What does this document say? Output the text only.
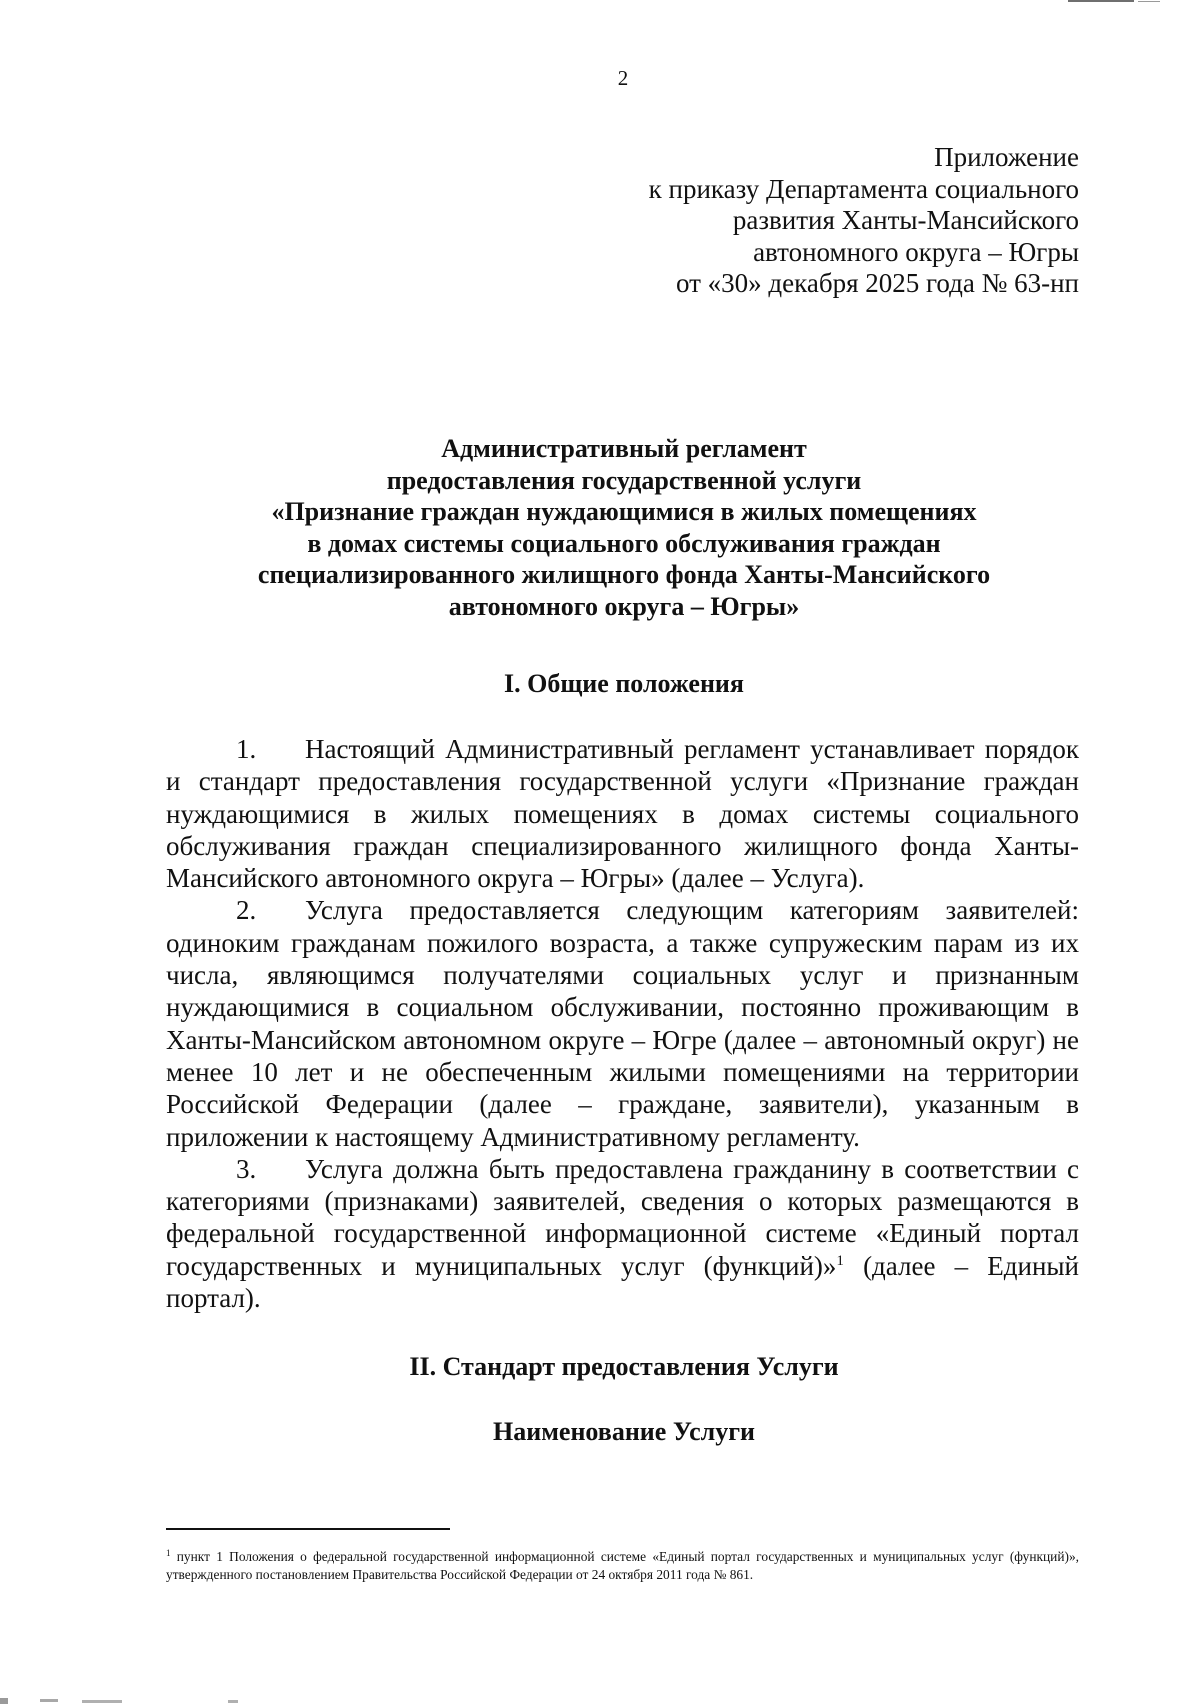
2
Приложение
к приказу Департамента социального
развития Ханты-Мансийского
автономного округа – Югры
от «30» декабря 2025 года № 63-нп
Административный регламент
предоставления государственной услуги
«Признание граждан нуждающимися в жилых помещениях
в домах системы социального обслуживания граждан
специализированного жилищного фонда Ханты-Мансийского
автономного округа – Югры»
I. Общие положения

1. Настоящий Административный регламент устанавливает порядок и стандарт предоставления государственной услуги «Признание граждан нуждающимися в жилых помещениях в домах системы социального обслуживания граждан специализированного жилищного фонда Ханты-Мансийского автономного округа – Югры» (далее – Услуга).

2. Услуга предоставляется следующим категориям заявителей: одиноким гражданам пожилого возраста, а также супружеским парам из их числа, являющимся получателями социальных услуг и признанным нуждающимися в социальном обслуживании, постоянно проживающим в Ханты-Мансийском автономном округе – Югре (далее – автономный округ) не менее 10 лет и не обеспеченным жилыми помещениями на территории Российской Федерации (далее – граждане, заявители), указанным в приложении к настоящему Административному регламенту.

3. Услуга должна быть предоставлена гражданину в соответствии с категориями (признаками) заявителей, сведения о которых размещаются в федеральной государственной информационной системе «Единый портал государственных и муниципальных услуг (функций)»$^1$ (далее – Единый портал).

II. Стандарт предоставления Услуги
Наименование Услуги
$^1$ пункт 1 Положения о федеральной государственной информационной системе «Единый портал государственных и муниципальных услуг (функций)», утвержденного постановлением Правительства Российской Федерации от 24 октября 2011 года № 861.
